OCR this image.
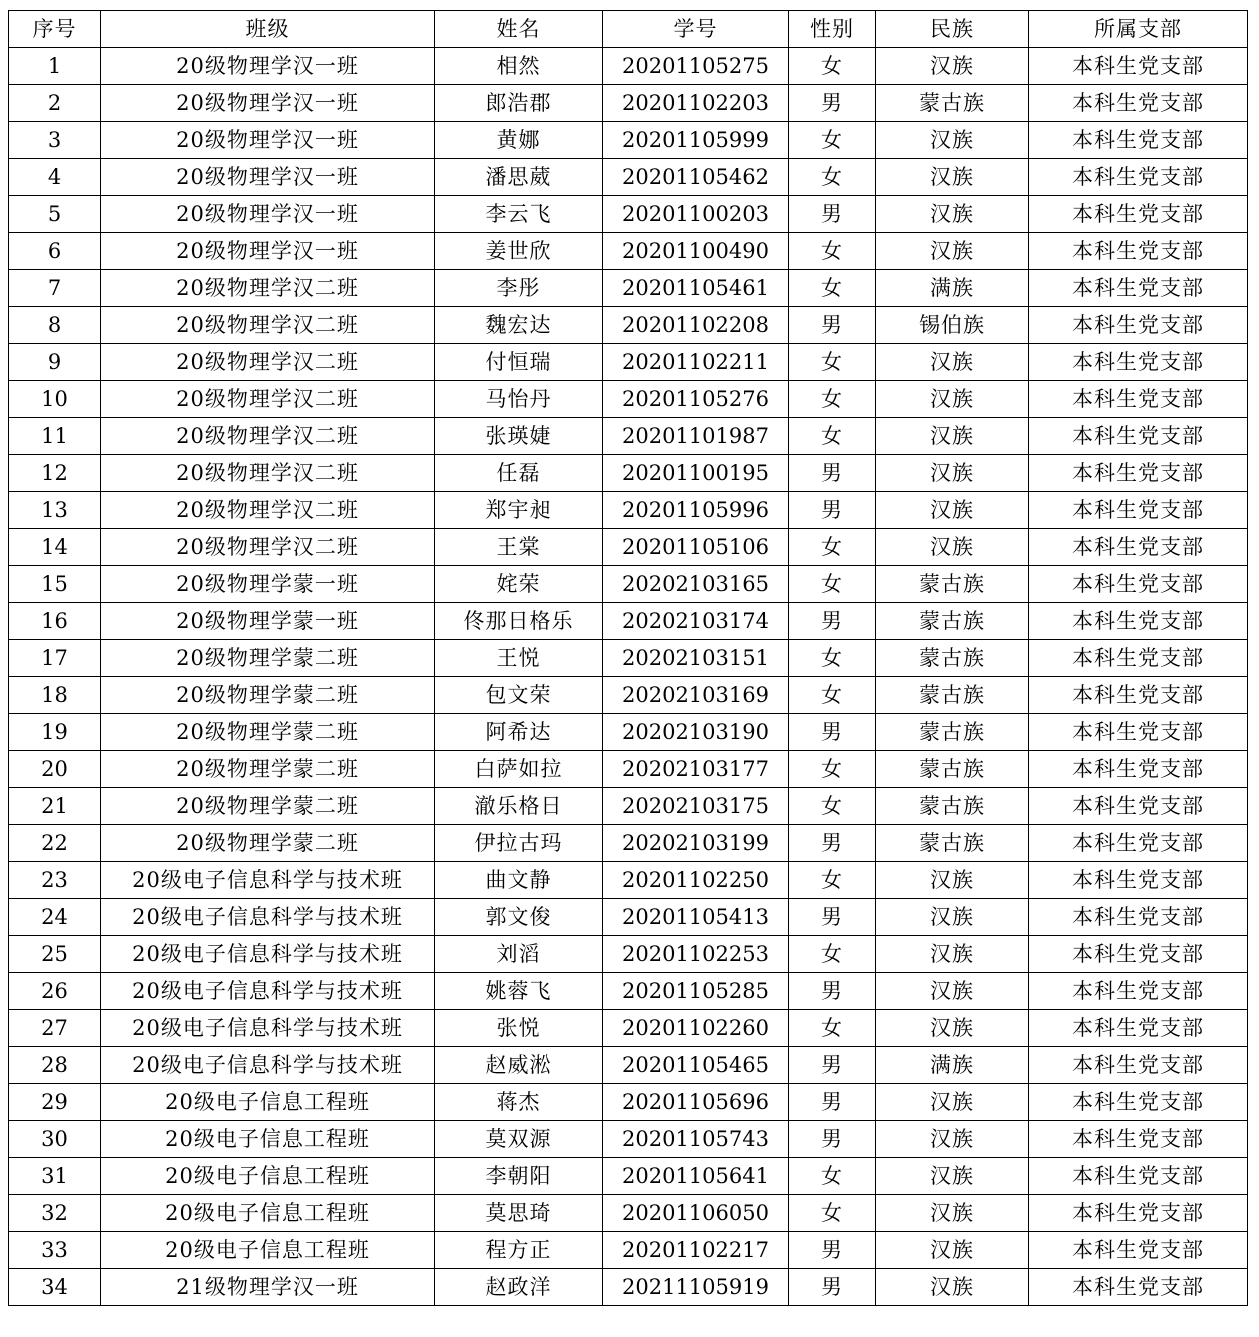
序号	班级	姓名	学号	性别	民族	所属支部
1	20级物理学汉一班	相然	20201105275	女	汉族	本科生党支部
2	20级物理学汉一班	郎浩郡	20201102203	男	蒙古族	本科生党支部
3	20级物理学汉一班	黄娜	20201105999	女	汉族	本科生党支部
4	20级物理学汉一班	潘思葳	20201105462	女	汉族	本科生党支部
5	20级物理学汉一班	李云飞	20201100203	男	汉族	本科生党支部
6	20级物理学汉一班	姜世欣	20201100490	女	汉族	本科生党支部
7	20级物理学汉二班	李彤	20201105461	女	满族	本科生党支部
8	20级物理学汉二班	魏宏达	20201102208	男	锡伯族	本科生党支部
9	20级物理学汉二班	付恒瑞	20201102211	女	汉族	本科生党支部
10	20级物理学汉二班	马怡丹	20201105276	女	汉族	本科生党支部
11	20级物理学汉二班	张瑛婕	20201101987	女	汉族	本科生党支部
12	20级物理学汉二班	任磊	20201100195	男	汉族	本科生党支部
13	20级物理学汉二班	郑宇昶	20201105996	男	汉族	本科生党支部
14	20级物理学汉二班	王棠	20201105106	女	汉族	本科生党支部
15	20级物理学蒙一班	姹荣	20202103165	女	蒙古族	本科生党支部
16	20级物理学蒙一班	佟那日格乐	20202103174	男	蒙古族	本科生党支部
17	20级物理学蒙二班	王悦	20202103151	女	蒙古族	本科生党支部
18	20级物理学蒙二班	包文荣	20202103169	女	蒙古族	本科生党支部
19	20级物理学蒙二班	阿希达	20202103190	男	蒙古族	本科生党支部
20	20级物理学蒙二班	白萨如拉	20202103177	女	蒙古族	本科生党支部
21	20级物理学蒙二班	澈乐格日	20202103175	女	蒙古族	本科生党支部
22	20级物理学蒙二班	伊拉古玛	20202103199	男	蒙古族	本科生党支部
23	20级电子信息科学与技术班	曲文静	20201102250	女	汉族	本科生党支部
24	20级电子信息科学与技术班	郭文俊	20201105413	男	汉族	本科生党支部
25	20级电子信息科学与技术班	刘滔	20201102253	女	汉族	本科生党支部
26	20级电子信息科学与技术班	姚蓉飞	20201105285	男	汉族	本科生党支部
27	20级电子信息科学与技术班	张悦	20201102260	女	汉族	本科生党支部
28	20级电子信息科学与技术班	赵威淞	20201105465	男	满族	本科生党支部
29	20级电子信息工程班	蒋杰	20201105696	男	汉族	本科生党支部
30	20级电子信息工程班	莫双源	20201105743	男	汉族	本科生党支部
31	20级电子信息工程班	李朝阳	20201105641	女	汉族	本科生党支部
32	20级电子信息工程班	莫思琦	20201106050	女	汉族	本科生党支部
33	20级电子信息工程班	程方正	20201102217	男	汉族	本科生党支部
34	21级物理学汉一班	赵政洋	20211105919	男	汉族	本科生党支部
